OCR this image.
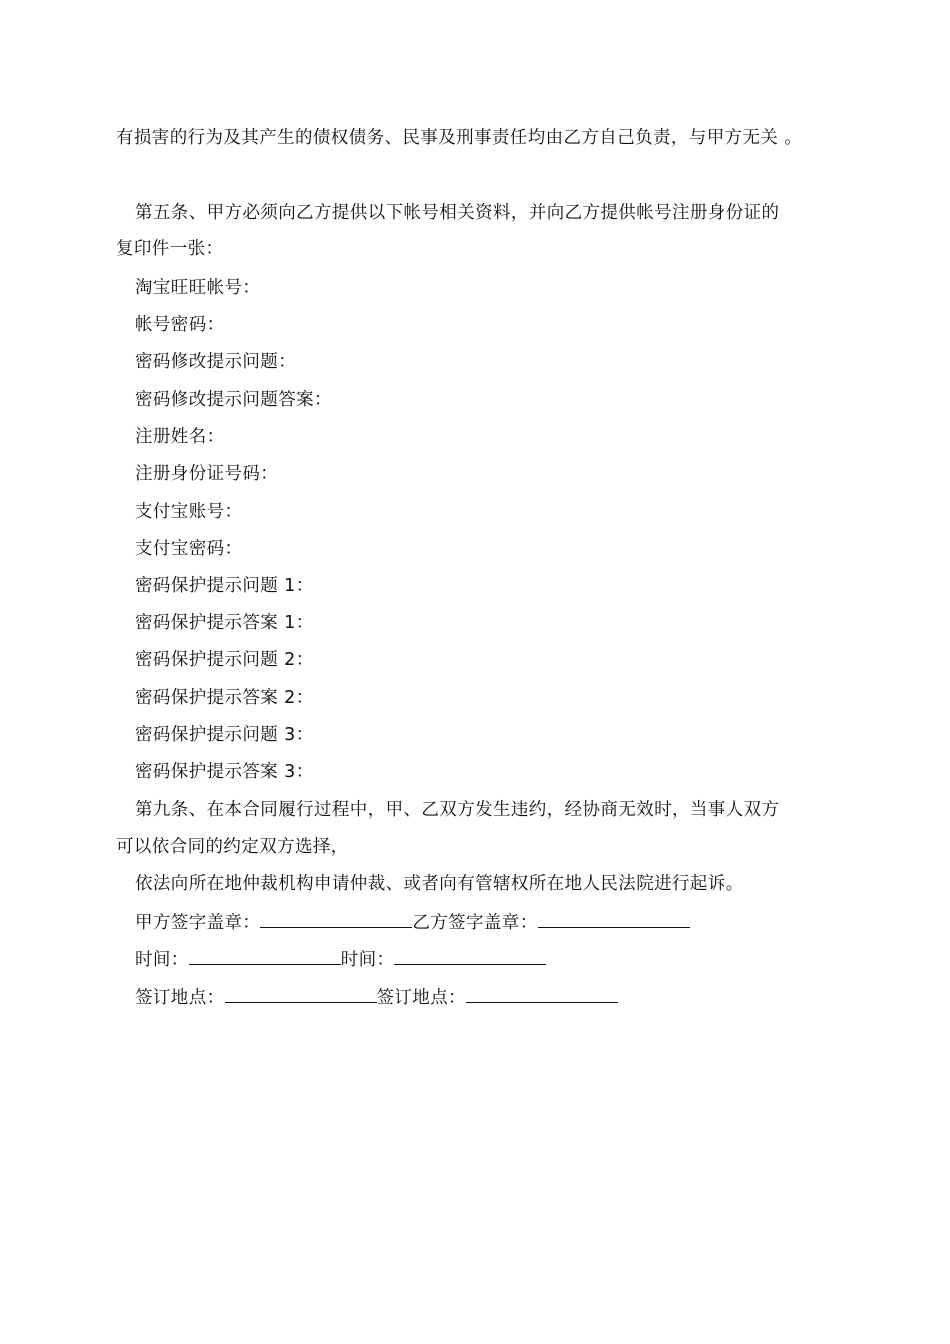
有损害的行为及其产生的债权债务、民事及刑事责任均由乙方自己负责，与甲方无关 。
第五条、甲方必须向乙方提供以下帐号相关资料，并向乙方提供帐号注册身份证的
复印件一张：
淘宝旺旺帐号：
帐号密码：
密码修改提示问题：
密码修改提示问题答案：
注册姓名：
注册身份证号码：
支付宝账号：
支付宝密码：
密码保护提示问题 1：
密码保护提示答案 1：
密码保护提示问题 2：
密码保护提示答案 2：
密码保护提示问题 3：
密码保护提示答案 3：
第九条、在本合同履行过程中，甲、乙双方发生违约，经协商无效时，当事人双方
可以依合同的约定双方选择，
依法向所在地仲裁机构申请仲裁、或者向有管辖权所在地人民法院进行起诉。
甲方签字盖章：	乙方签字盖章：
时间：	时间：
签订地点：	签订地点：
